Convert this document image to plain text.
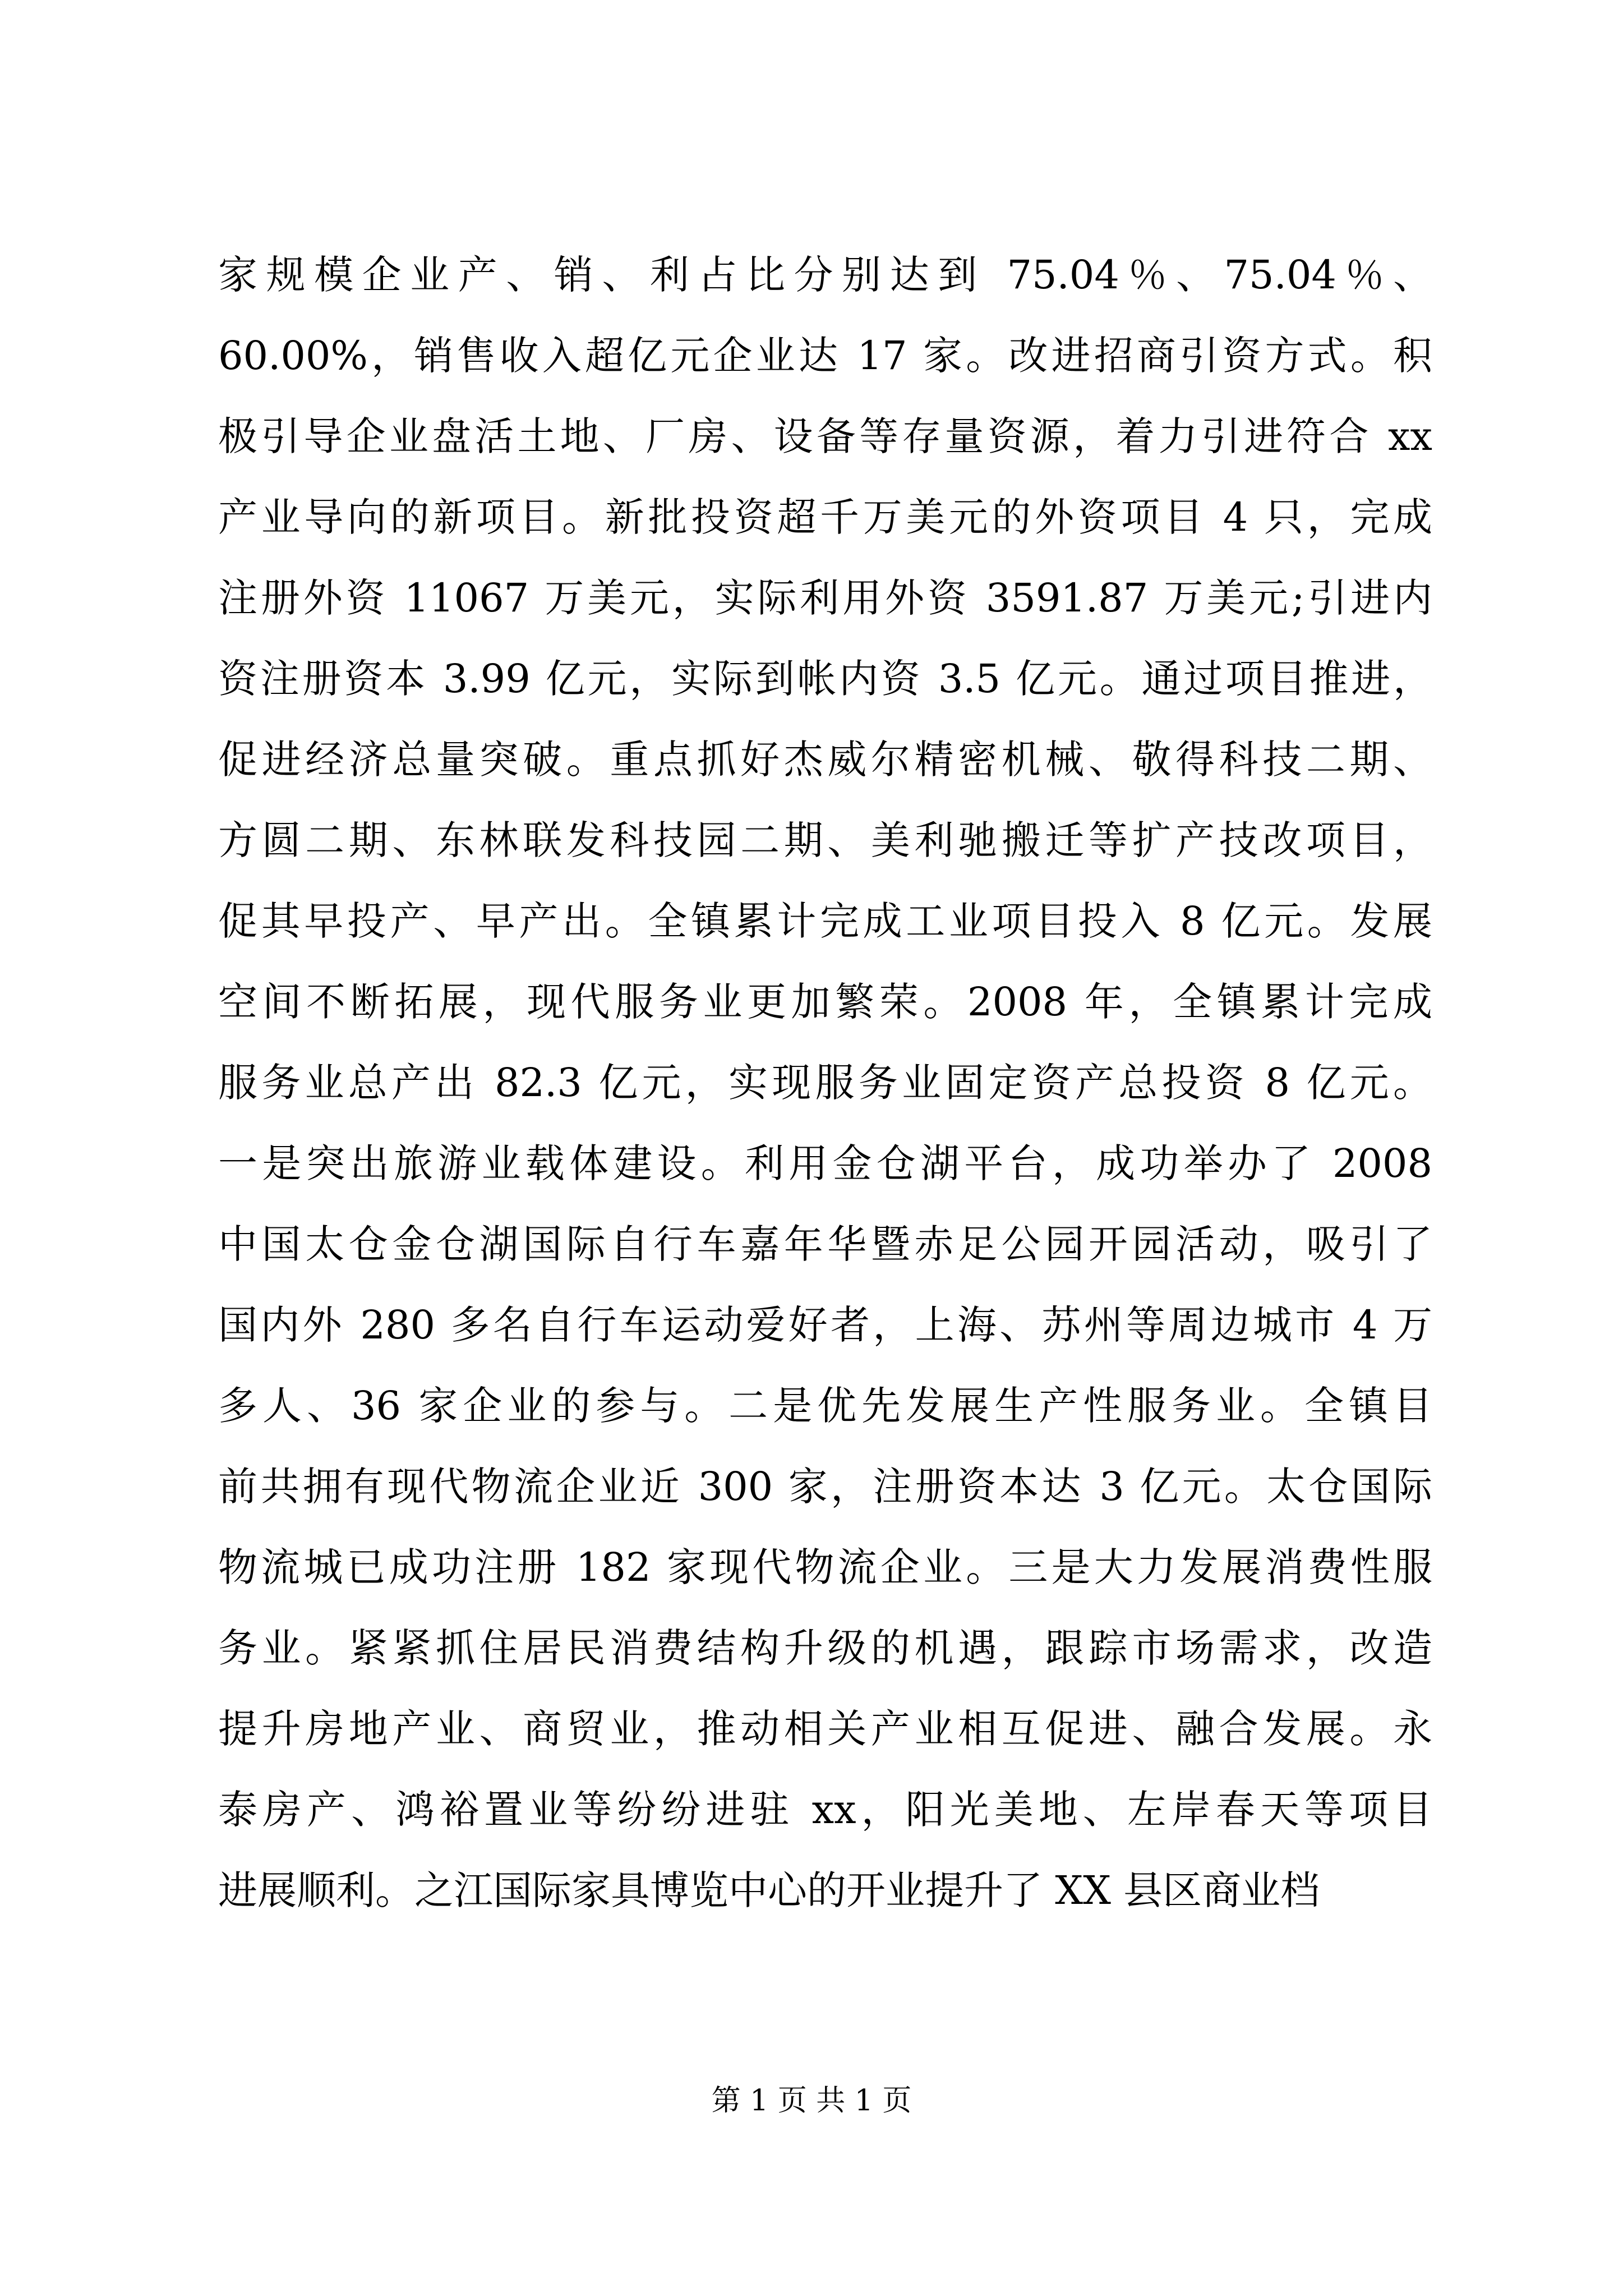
家规模企业产、销、利占比分别达到 75.04％、75.04％、
60.00%，销售收入超亿元企业达 17 家。改进招商引资方式。积
极引导企业盘活土地、厂房、设备等存量资源，着力引进符合 xx
产业导向的新项目。新批投资超千万美元的外资项目 4 只，完成
注册外资 11067 万美元，实际利用外资 3591.87 万美元;引进内
资注册资本 3.99 亿元，实际到帐内资 3.5 亿元。通过项目推进，
促进经济总量突破。重点抓好杰威尔精密机械、敬得科技二期、
方圆二期、东林联发科技园二期、美利驰搬迁等扩产技改项目，
促其早投产、早产出。全镇累计完成工业项目投入 8 亿元。发展
空间不断拓展，现代服务业更加繁荣。2008 年，全镇累计完成
服务业总产出 82.3 亿元，实现服务业固定资产总投资 8 亿元。
一是突出旅游业载体建设。利用金仓湖平台，成功举办了 2008
中国太仓金仓湖国际自行车嘉年华暨赤足公园开园活动，吸引了
国内外 280 多名自行车运动爱好者，上海、苏州等周边城市 4 万
多人、36 家企业的参与。二是优先发展生产性服务业。全镇目
前共拥有现代物流企业近 300 家，注册资本达 3 亿元。太仓国际
物流城已成功注册 182 家现代物流企业。三是大力发展消费性服
务业。紧紧抓住居民消费结构升级的机遇，跟踪市场需求，改造
提升房地产业、商贸业，推动相关产业相互促进、融合发展。永
泰房产、鸿裕置业等纷纷进驻 xx，阳光美地、左岸春天等项目
进展顺利。之江国际家具博览中心的开业提升了 XX 县区商业档
第 1 页 共 1 页
